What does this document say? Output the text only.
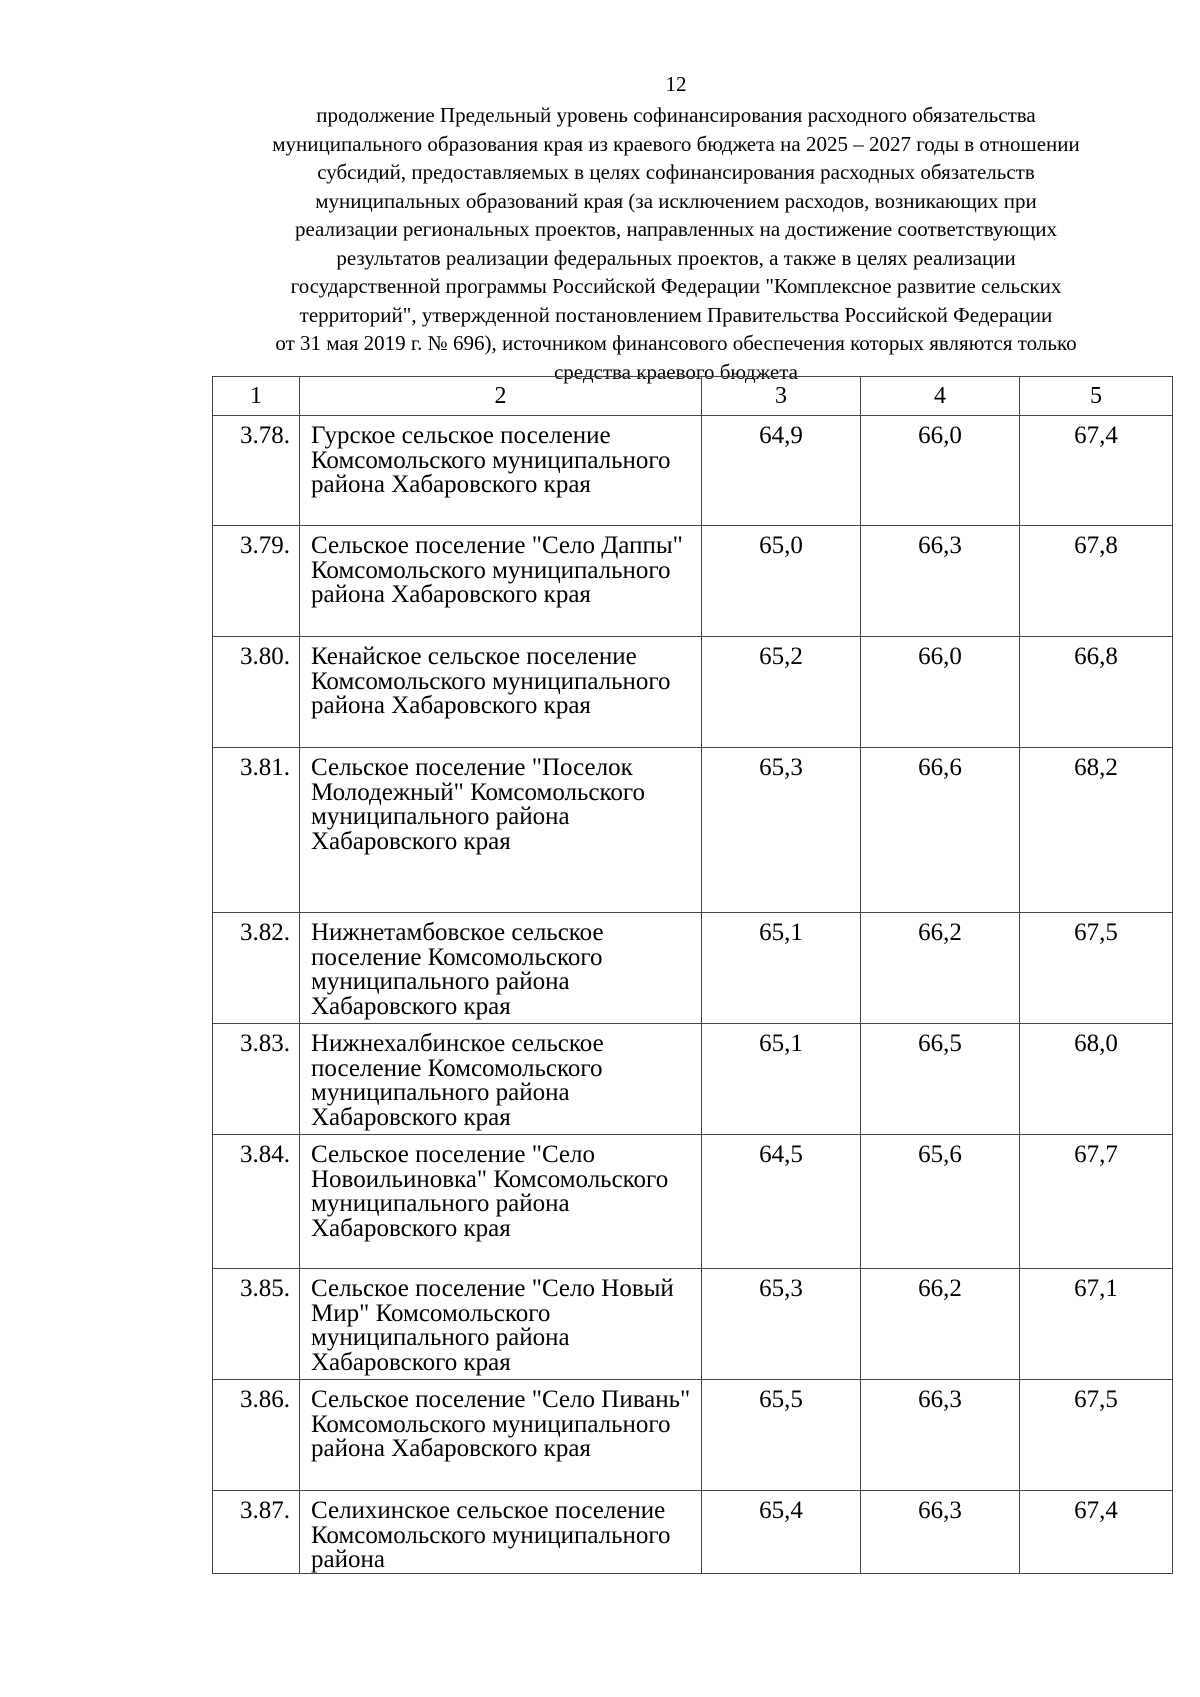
12
продолжение Предельный уровень софинансирования расходного обязательства
муниципального образования края из краевого бюджета на 2025 – 2027 годы в отношении
субсидий, предоставляемых в целях софинансирования расходных обязательств
муниципальных образований края (за исключением расходов, возникающих при
реализации региональных проектов, направленных на достижение соответствующих
результатов реализации федеральных проектов, а также в целях реализации
государственной программы Российской Федерации "Комплексное развитие сельских
территорий", утвержденной постановлением Правительства Российской Федерации
от 31 мая 2019 г. № 696), источником финансового обеспечения которых являются только
средства краевого бюджета
1	2	3	4	5
3.78.	Гурское сельское поселение Комсомольского муниципального района Хабаровского края	64,9	66,0	67,4
3.79.	Сельское поселение "Село Даппы" Комсомольского муниципального района Хабаровского края	65,0	66,3	67,8
3.80.	Кенайское сельское поселение Комсомольского муниципального района Хабаровского края	65,2	66,0	66,8
3.81.	Сельское поселение "Поселок Молодежный" Комсомольского муниципального района Хабаровского края	65,3	66,6	68,2
3.82.	Нижнетамбовское сельское поселение Комсомольского муниципального района Хабаровского края	65,1	66,2	67,5
3.83.	Нижнехалбинское сельское поселение Комсомольского муниципального района Хабаровского края	65,1	66,5	68,0
3.84.	Сельское поселение "Село Новоильиновка" Комсомольского муниципального района Хабаровского края	64,5	65,6	67,7
3.85.	Сельское поселение "Село Новый Мир" Комсомольского муниципального района Хабаровского края	65,3	66,2	67,1
3.86.	Сельское поселение "Село Пивань" Комсомольского муниципального района Хабаровского края	65,5	66,3	67,5
3.87.	Селихинское сельское поселение Комсомольского муниципального района	65,4	66,3	67,4
